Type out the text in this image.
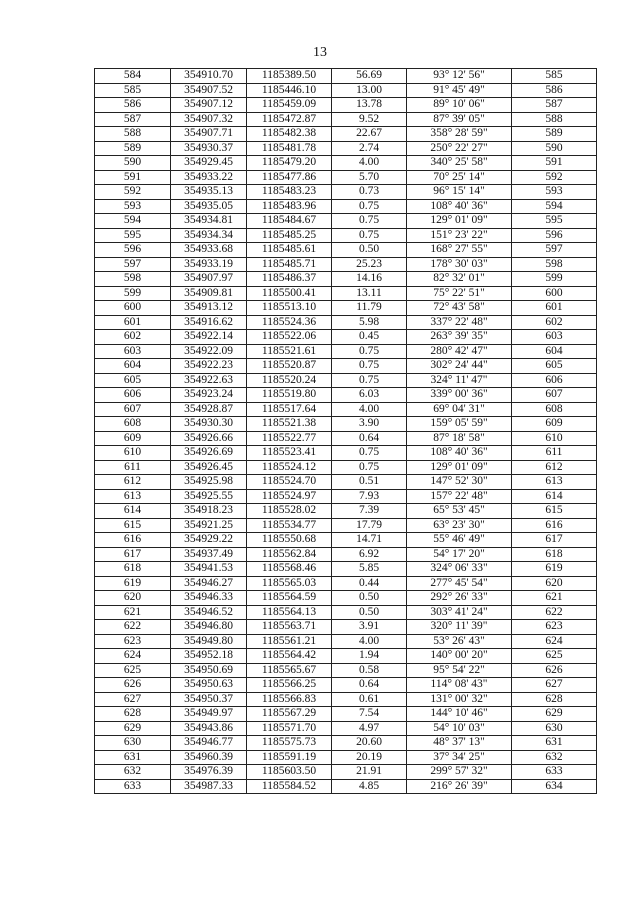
13
584	354910.70	1185389.50	56.69	93° 12' 56"	585
585	354907.52	1185446.10	13.00	91° 45' 49"	586
586	354907.12	1185459.09	13.78	89° 10' 06"	587
587	354907.32	1185472.87	9.52	87° 39' 05"	588
588	354907.71	1185482.38	22.67	358° 28' 59"	589
589	354930.37	1185481.78	2.74	250° 22' 27"	590
590	354929.45	1185479.20	4.00	340° 25' 58"	591
591	354933.22	1185477.86	5.70	70° 25' 14"	592
592	354935.13	1185483.23	0.73	96° 15' 14"	593
593	354935.05	1185483.96	0.75	108° 40' 36"	594
594	354934.81	1185484.67	0.75	129° 01' 09"	595
595	354934.34	1185485.25	0.75	151° 23' 22"	596
596	354933.68	1185485.61	0.50	168° 27' 55"	597
597	354933.19	1185485.71	25.23	178° 30' 03"	598
598	354907.97	1185486.37	14.16	82° 32' 01"	599
599	354909.81	1185500.41	13.11	75° 22' 51"	600
600	354913.12	1185513.10	11.79	72° 43' 58"	601
601	354916.62	1185524.36	5.98	337° 22' 48"	602
602	354922.14	1185522.06	0.45	263° 39' 35"	603
603	354922.09	1185521.61	0.75	280° 42' 47"	604
604	354922.23	1185520.87	0.75	302° 24' 44"	605
605	354922.63	1185520.24	0.75	324° 11' 47"	606
606	354923.24	1185519.80	6.03	339° 00' 36"	607
607	354928.87	1185517.64	4.00	69° 04' 31"	608
608	354930.30	1185521.38	3.90	159° 05' 59"	609
609	354926.66	1185522.77	0.64	87° 18' 58"	610
610	354926.69	1185523.41	0.75	108° 40' 36"	611
611	354926.45	1185524.12	0.75	129° 01' 09"	612
612	354925.98	1185524.70	0.51	147° 52' 30"	613
613	354925.55	1185524.97	7.93	157° 22' 48"	614
614	354918.23	1185528.02	7.39	65° 53' 45"	615
615	354921.25	1185534.77	17.79	63° 23' 30"	616
616	354929.22	1185550.68	14.71	55° 46' 49"	617
617	354937.49	1185562.84	6.92	54° 17' 20"	618
618	354941.53	1185568.46	5.85	324° 06' 33"	619
619	354946.27	1185565.03	0.44	277° 45' 54"	620
620	354946.33	1185564.59	0.50	292° 26' 33"	621
621	354946.52	1185564.13	0.50	303° 41' 24"	622
622	354946.80	1185563.71	3.91	320° 11' 39"	623
623	354949.80	1185561.21	4.00	53° 26' 43"	624
624	354952.18	1185564.42	1.94	140° 00' 20"	625
625	354950.69	1185565.67	0.58	95° 54' 22"	626
626	354950.63	1185566.25	0.64	114° 08' 43"	627
627	354950.37	1185566.83	0.61	131° 00' 32"	628
628	354949.97	1185567.29	7.54	144° 10' 46"	629
629	354943.86	1185571.70	4.97	54° 10' 03"	630
630	354946.77	1185575.73	20.60	48° 37' 13"	631
631	354960.39	1185591.19	20.19	37° 34' 25"	632
632	354976.39	1185603.50	21.91	299° 57' 32"	633
633	354987.33	1185584.52	4.85	216° 26' 39"	634
